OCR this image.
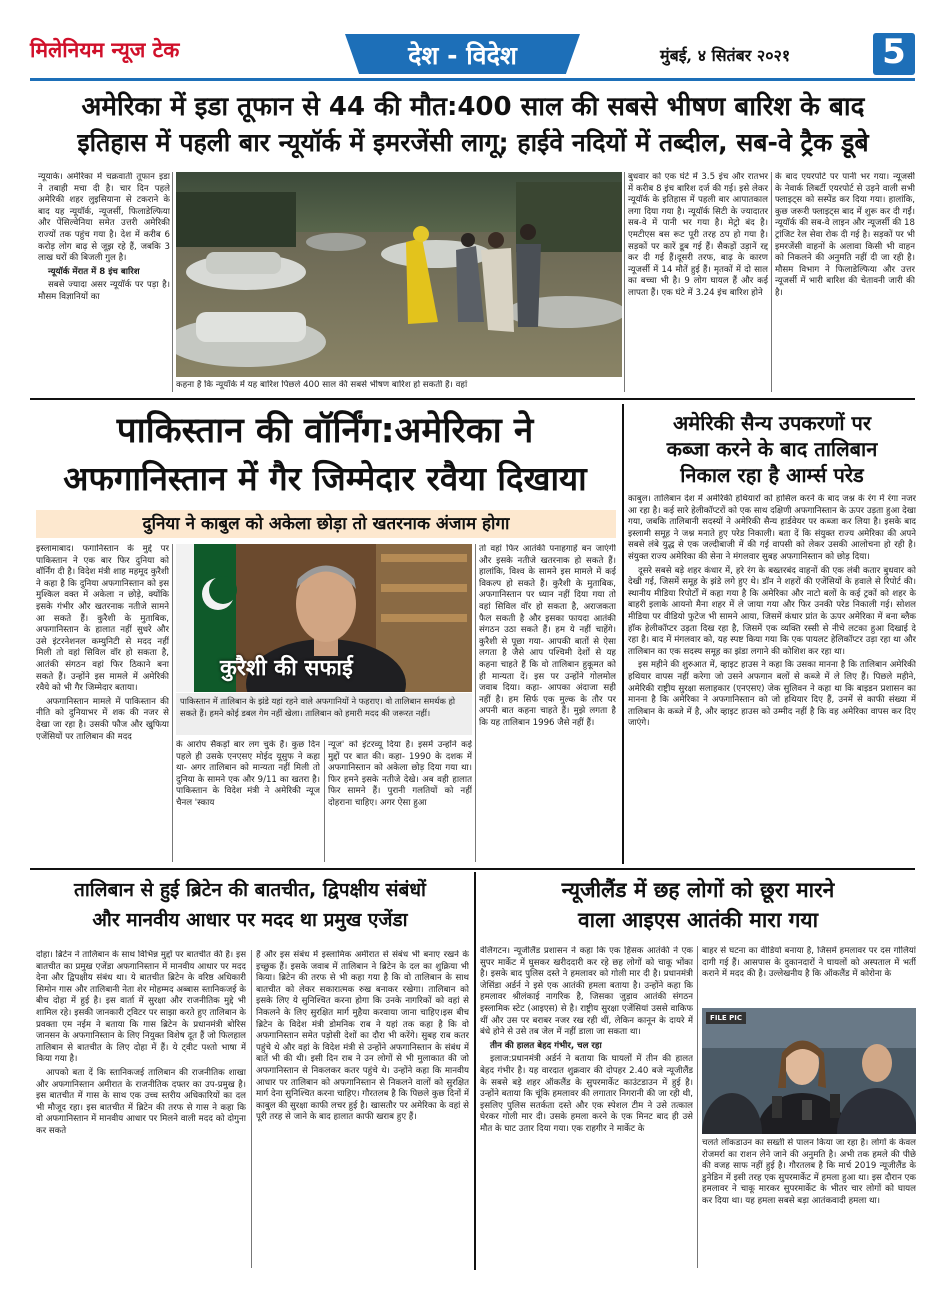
मिलेनियम न्यूज टेक	देश - विदेश	मुंबई, ४ सितंबर २०२१	5
अमेरिका में इडा तूफान से 44 की मौत:400 साल की सबसे भीषण बारिश के बाद
इतिहास में पहली बार न्यूयॉर्क में इमरजेंसी लागू; हाईवे नदियों में तब्दील, सब-वे ट्रैक डूबे

न्यूयार्क। अमेरिका में चक्रवाती तूफान इडा ने तबाही मचा दी है। चार दिन पहले अमेरिकी शहर लुइसियाना से टकराने के बाद यह न्यूयॉर्क, न्यूजर्सी, फिलाडेल्फिया और पेंसिल्वेनिया समेत उत्तरी अमेरिकी राज्यों तक पहुंच गया है। देश में करीब 6 करोड़ लोग बाढ़ से जूझ रहे हैं, जबकि 3 लाख घरों की बिजली गुल है।

न्यूयॉर्क मेंरात में 8 इंच बारिश

सबसे ज्यादा असर न्यूयॉर्क पर पड़ा है। मौसम विज्ञानियों का

कहना है कि न्यूयॉर्क में यह बारिश पिछले 400 साल की सबसे भीषण बारिश हो सकती है। वहां

बुधवार को एक घंटे में 3.5 इंच और रातभर में करीब 8 इंच बारिश दर्ज की गई। इसे लेकर न्यूयॉर्क के इतिहास में पहली बार आपातकाल लगा दिया गया है। न्यूयॉर्क सिटी के ज्यादातर सब-वे में पानी भर गया है। मेट्रो बंद है। एमटीएस बस रूट पूरी तरह ठप हो गया है। सड़कों पर कारें डूब गई हैं। सैकड़ों उड़ानें रद्द कर दी गई हैं।दूसरी तरफ, बाढ़ के कारण न्यूजर्सी में 14 मौतें हुई हैं। मृतकों में दो साल का बच्चा भी है। 9 लोग घायल हैं और कई लापता हैं। एक घंटे में 3.24 इंच बारिश होने

के बाद एयरपोर्ट पर पानी भर गया। न्यूजर्सी के नेवार्क लिबर्टी एयरपोर्ट से उड़ने वाली सभी फ्लाइट्स को सस्पेंड कर दिया गया। हालांकि, कुछ जरूरी फ्लाइट्स बाद में शुरू कर दी गईं। न्यूयॉर्क की सब-वे लाइन और न्यूजर्सी की 18 ट्रांजिट रेल सेवा रोक दी गई है। सड़कों पर भी इमरजेंसी वाहनों के अलावा किसी भी वाहन को निकलने की अनुमति नहीं दी जा रही है। मौसम विभाग ने फिलाडेल्फिया और उत्तर न्यूजर्सी में भारी बारिश की चेतावनी जारी की है।

पाकिस्तान की वॉर्निंग:अमेरिका ने
अफगानिस्तान में गैर जिम्मेदार रवैया दिखाया
दुनिया ने काबुल को अकेला छोड़ा तो खतरनाक अंजाम होगा

इस्लामाबाद। फगानिस्तान के मुद्दे पर पाकिस्तान ने एक बार फिर दुनिया को वॉर्निंग दी है। विदेश मंत्री शाह महमूद कुरैशी ने कहा है कि दुनिया अफगानिस्तान को इस मुश्किल वक्त में अकेला न छोड़े, क्योंकि इसके गंभीर और खतरनाक नतीजे सामने आ सकते हैं। कुरैशी के मुताबिक, अफगानिस्तान के हालात नहीं सुधरे और उसे इंटरनेशनल कम्युनिटी से मदद नहीं मिली तो वहां सिविल वॉर हो सकता है, आतंकी संगठन वहां फिर ठिकाने बना सकते हैं। उन्होंने इस मामले में अमेरिकी रवैये को भी गैर जिम्मेदार बताया।

अफगानिस्तान मामले में पाकिस्तान की नीति को दुनियाभर में शक की नजर से देखा जा रहा है। उसकी फौज और खुफिया एजेंसियों पर तालिबान की मदद

कुरैशी की सफाई
पाकिस्तान में तालिबान के झंडे यहां रहने वाले अफगानियों ने फहराए। वो तालिबान समर्थक हो सकते हैं। हमने कोई डबल गेम नहीं खेला। तालिबान को हमारी मदद की जरूरत नहीं।

के आरोप सैकड़ों बार लग चुके हैं। कुछ दिन पहले ही उसके एनएसए मोईद यूसुफ ने कहा था- अगर तालिबान को मान्यता नहीं मिली तो दुनिया के सामने एक और 9/11 का खतरा है। पाकिस्तान के विदेश मंत्री ने अमेरिकी न्यूज चैनल 'स्काय

न्यूज' को इंटरव्यू दिया है। इसमें उन्होंने कई मुद्दों पर बात की। कहा- 1990 के दशक में अफगानिस्तान को अकेला छोड़ दिया गया था। फिर हमने इसके नतीजे देखे। अब वही हालात फिर सामने हैं। पुरानी गलतियों को नहीं दोहराना चाहिए। अगर ऐसा हुआ

तो वहां फिर आतंकी पनाहगाहें बन जाएंगी और इसके नतीजे खतरनाक हो सकते हैं। हालांकि, विश्व के सामने इस मामले में कई विकल्प हो सकते हैं। कुरैशी के मुताबिक, अफगानिस्तान पर ध्यान नहीं दिया गया तो वहां सिविल वॉर हो सकता है, अराजकता फैल सकती है और इसका फायदा आतंकी संगठन उठा सकते हैं। हम ये नहीं चाहेंगे। कुरैशी से पूछा गया- आपकी बातों से ऐसा लगता है जैसे आप पश्चिमी देशों से यह कहना चाहते हैं कि वो तालिबान हुकूमत को ही मान्यता दें। इस पर उन्होंने गोलमोल जवाब दिया। कहा- आपका अंदाजा सही नहीं है। हम सिर्फ एक मुल्क के तौर पर अपनी बात कहना चाहते हैं। मुझे लगता है कि यह तालिबान 1996 जैसे नहीं हैं।

अमेरिकी सैन्य उपकरणों पर
कब्जा करने के बाद तालिबान
निकाल रहा है आर्म्स परेड

काबुल। तालिबान देश में अमेरिकी हथियारों को हासिल करने के बाद जश्न के रंग में रंगा नजर आ रहा है। कई सारे हेलीकॉप्टरों को एक साथ दक्षिणी अफगानिस्तान के ऊपर उड़ता हुआ देखा गया, जबकि तालिबानी सदस्यों ने अमेरिकी सैन्य हार्डवेयर पर कब्जा कर लिया है। इसके बाद इस्लामी समूह ने जश्न मनाते हुए परेड निकाली। बता दें कि संयुक्त राज्य अमेरिका की अपने सबसे लंबे युद्ध से एक जल्दीबाजी में की गई वापसी को लेकर उसकी आलोचना हो रही है। संयुक्त राज्य अमेरिका की सेना ने मंगलवार सुबह अफगानिस्तान को छोड़ दिया।

दूसरे सबसे बड़े शहर कंधार में, हरे रंग के बख्तरबंद वाहनों की एक लंबी कतार बुधवार को देखी गई, जिसमें समूह के झंडे लगे हुए थे। डॉन ने शहरों की एजेंसियों के हवाले से रिपोर्ट की।स्थानीय मीडिया रिपोर्टों में कहा गया है कि अमेरिका और नाटो बलों के कई ट्रकों को शहर के बाहरी इलाके आयनो मैना शहर में ले जाया गया और फिर उनकी परेड निकाली गई। सोशल मीडिया पर वीडियो फुटेज भी सामने आया, जिसमें कंधार प्रांत के ऊपर अमेरिका में बना ब्लैक हॉक हेलीकॉप्टर उड़ता दिख रहा है, जिसमें एक व्यक्ति रस्सी से नीचे लटका हुआ दिखाई दे रहा है। बाद में मंगलवार को, यह स्पष्ट किया गया कि एक पायलट हेलिकॉप्टर उड़ा रहा था और तालिबान का एक सदस्य समूह का झंडा लगाने की कोशिश कर रहा था।

इस महीने की शुरुआत में, व्हाइट हाउस ने कहा कि उसका मानना है कि तालिबान अमेरिकी हथियार वापस नहीं करेगा जो उसने अफगान बलों से कब्जे में ले लिए हैं। पिछले महीने, अमेरिकी राष्ट्रीय सुरक्षा सलाहकार (एनएसए) जेक सुलिवन ने कहा था कि बाइडन प्रशासन का मानना है कि अमेरिका ने अफगानिस्तान को जो हथियार दिए हैं, उनमें से काफी संख्या में तालिबान के कब्जे में है, और व्हाइट हाउस को उम्मीद नहीं है कि वह अमेरिका वापस कर दिए जाएंगे।

तालिबान से हुई ब्रिटेन की बातचीत, द्विपक्षीय संबंधों
और मानवीय आधार पर मदद था प्रमुख एजेंडा

दोहा। ब्रिटेन ने तालिबान के साथ विभिन्न मुद्दों पर बातचीत की है। इस बातचीत का प्रमुख एजेंडा अफगानिस्तान में मानवीय आधार पर मदद देना और द्विपक्षीय संबंध था। ये बातचीत ब्रिटेन के वरिष्ठ अधिकारी सिमोन गास और तालिबानी नेता शेर मोहम्मद अब्बास स्तानिकजई के बीच दोहा में हुई है। इस वार्ता में सुरक्षा और राजनीतिक मुद्दे भी शामिल रहे। इसकी जानकारी ट्विटर पर साझा करते हुए तालिबान के प्रवक्ता एम नईम ने बताया कि गास ब्रिटेन के प्रधानमंत्री बोरिस जानसन के अफगानिस्तान के लिए नियुक्त विशेष दूत हैं जो फिलहाल तालिबान से बातचीत के लिए दोहा में हैं। ये ट्वीट पश्तो भाषा में किया गया है।

आपको बता दें कि स्तानिकजई तालिबान की राजनीतिक शाखा और अफगानिस्तान अमीरात के राजनीतिक दफ्तर का उप-प्रमुख है। इस बातचीत में गास के साथ एक उच्च स्तरीय अधिकारियों का दल भी मौजूद रहा। इस बातचीत में ब्रिटेन की तरफ से गास ने कहा कि वो अफगानिस्तान में मानवीय आधार पर मिलने वाली मदद को दोगुना कर सकते

हैं और इस संबंध में इस्लामिक अमीरात से संबंध भी बनाए रखने के इच्छुक हैं। इसके जवाब में तालिबान ने ब्रिटेन के दल का शुक्रिया भी किया। ब्रिटेन की तरफ से भी कहा गया है कि वो तालिबान के साथ बातचीत को लेकर सकारात्मक रुख बनाकर रखेगा। तालिबान को इसके लिए ये सुनिश्चित करना होगा कि उनके नागरिकों को वहां से निकलने के लिए सुरक्षित मार्ग मुहैया करवाया जाना चाहिए।इस बीच ब्रिटेन के विदेश मंत्री डोमनिक राब ने यहां तक कहा है कि वो अफगानिस्तान समेत पड़ोसी देशों का दौरा भी करेंगे। सुबह राब कतर पहुंचे थे और वहां के विदेश मंत्री से उन्होंने अफगानिस्तान के संबंध में बातें भी की थी। इसी दिन राब ने उन लोगों से भी मुलाकात की जो अफगानिस्तान से निकलकर कतर पहुंचे थे। उन्होंने कहा कि मानवीय आधार पर तालिबान को अफगानिस्तान से निकलने वालों को सुरक्षित मार्ग देना सुनिश्चित करना चाहिए। गौरतलब है कि पिछले कुछ दिनों में काबुल की सुरक्षा काफी लचर हुई है। खासतौर पर अमेरिका के वहां से पूरी तरह से जाने के बाद हालात काफी खराब हुए हैं।

न्यूजीलैंड में छह लोगों को छूरा मारने
वाला आइएस आतंकी मारा गया

वेलिंगटन। न्यूजीलैंड प्रशासन ने कहा कि एक हिंसक आतंकी ने एक सुपर मार्केट में घुसकर खरीददारी कर रहे छह लोगों को चाकू भोंका है। इसके बाद पुलिस दस्ते ने हमलावर को गोली मार दी है। प्रधानमंत्री जेसिंडा अर्डर्न ने इसे एक आतंकी हमला बताया है। उन्होंने कहा कि हमलावर श्रीलंकाई नागरिक है, जिसका जुड़ाव आतंकी संगठन इस्लामिक स्टेट (आइएस) से है। राष्ट्रीय सुरक्षा एजेंसियां उससे वाकिफ थीं और उस पर बराबर नजर रख रही थीं, लेकिन कानून के दायरे में बंधे होने से उसे तब जेल में नहीं डाला जा सकता था।

तीन की हालत बेहद गंभीर, चल रहा

इलाज:प्रधानमंत्री अर्डर्न ने बताया कि घायलों में तीन की हालत बेहद गंभीर है। यह वारदात शुक्रवार की दोपहर 2.40 बजे न्यूजीलैंड के सबसे बड़े शहर ऑकलैंड के सुपरमार्केट काउंटडाउन में हुई है। उन्होंने बताया कि चूंकि हमलावर की लगातार निगरानी की जा रही थी, इसलिए पुलिस सतर्कता दस्ते और एक स्पेशल टीम ने उसे तत्काल घेरकर गोली मार दी। उसके हमला करने के एक मिनट बाद ही उसे मौत के घाट उतार दिया गया। एक राहगीर ने मार्केट के

बाहर से घटना का वीडियो बनाया है, जिसमें हमलावर पर दस गोलियां दागी गई हैं। आसपास के दुकानदारों ने घायलों को अस्पताल में भर्ती कराने में मदद की है। उल्लेखनीय है कि ऑकलैंड में कोरोना के

FILE PIC

चलते लॉकडाउन का सख्ती से पालन किया जा रहा है। लोगों के केवल रोजमर्रा का राशन लेने जाने की अनुमति है। अभी तक हमले की पीछे की वजह साफ नहीं हुई है। गौरतलब है कि मार्च 2019 न्यूजीलैंड के डुनेडिन में इसी तरह एक सुपरमार्केट में हमला हुआ था। इस दौरान एक हमलावर ने चाकू मारकर सुपरमार्केट के भीतर चार लोगों को घायल कर दिया था। यह हमला सबसे बड़ा आतंकवादी हमला था।
